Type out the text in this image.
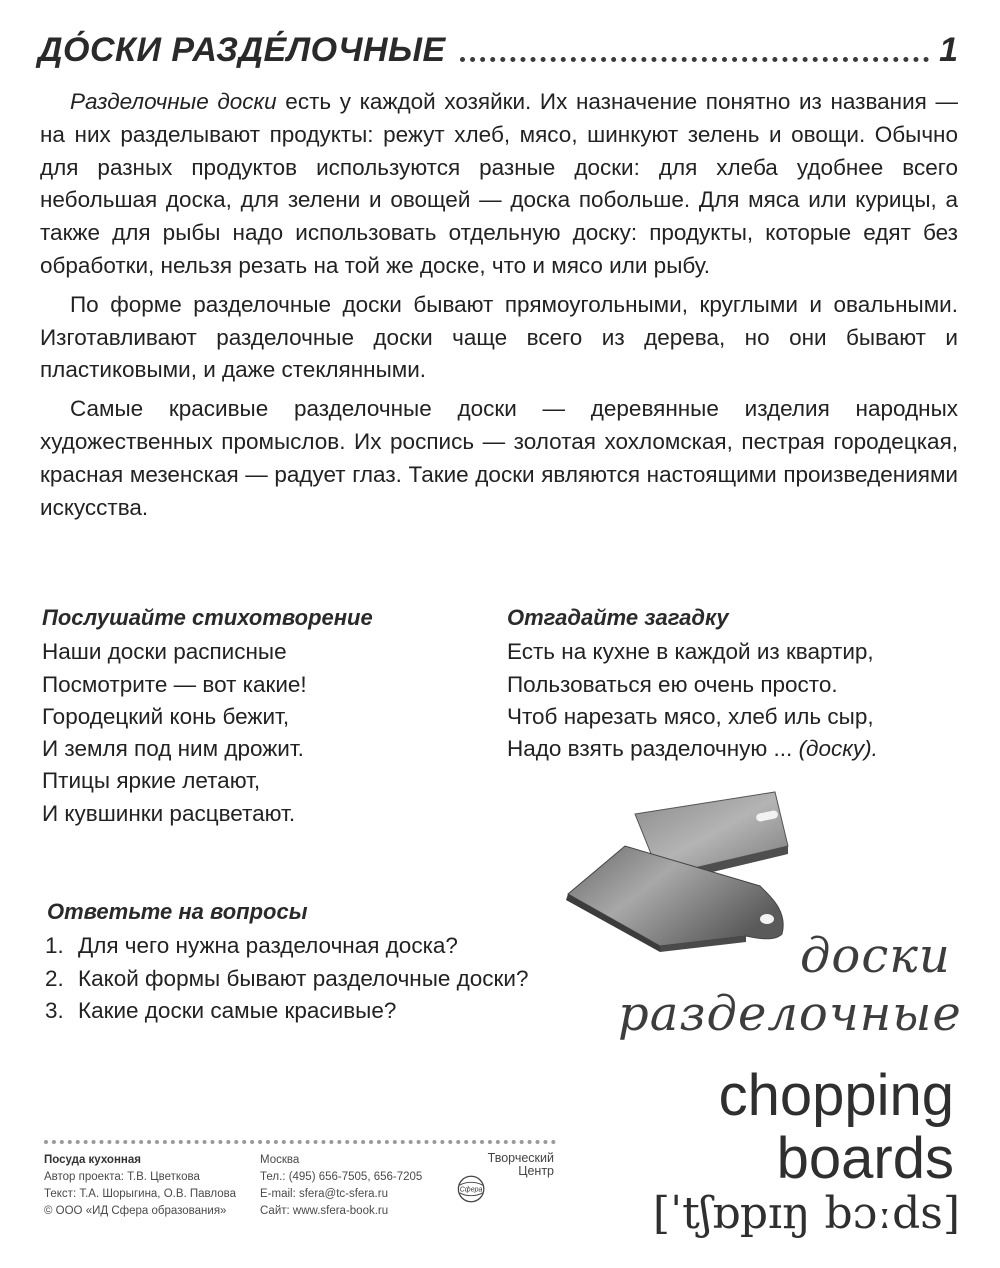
ДО́СКИ РАЗДЕ́ЛОЧНЫЕ	1

Разделочные доски есть у каждой хозяйки. Их назначение понятно из названия — на них разделывают продукты: режут хлеб, мясо, шинкуют зелень и овощи. Обычно для разных продуктов используются разные доски: для хлеба удобнее всего небольшая доска, для зелени и овощей — доска побольше. Для мяса или курицы, а также для рыбы надо использовать отдельную доску: продукты, которые едят без обработки, нельзя резать на той же доске, что и мясо или рыбу.

По форме разделочные доски бывают прямоугольными, круглыми и овальными. Изготавливают разделочные доски чаще всего из дерева, но они бывают и пластиковыми, и даже стеклянными.

Самые красивые разделочные доски — деревянные изделия народных художественных промыслов. Их роспись — золотая хохломская, пестрая городецкая, красная мезенская — радует глаз. Такие доски являются настоящими произведениями искусства.

Послушайте стихотворение
Наши доски расписные
Посмотрите — вот какие!
Городецкий конь бежит,
И земля под ним дрожит.
Птицы яркие летают,
И кувшинки расцветают.
Отгадайте загадку
Есть на кухне в каждой из квартир,
Пользоваться ею очень просто.
Чтоб нарезать мясо, хлеб иль сыр,
Надо взять разделочную ... (доску).
Ответьте на вопросы
1. Для чего нужна разделочная доска?
2. Какой формы бывают разделочные доски?
3. Какие доски самые красивые?
доски
разделочные
chopping
boards
[ˈtʃɒpɪŋ bɔːds]
Посуда кухонная
Автор проекта: Т.В. Цветкова
Текст: Т.А. Шорыгина, О.В. Павлова
© ООО «ИД Сфера образования»
Москва
Тел.: (495) 656-7505, 656-7205
E-mail: sfera@tc-sfera.ru
Сайт: www.sfera-book.ru
Творческий
Центр
Сфера
